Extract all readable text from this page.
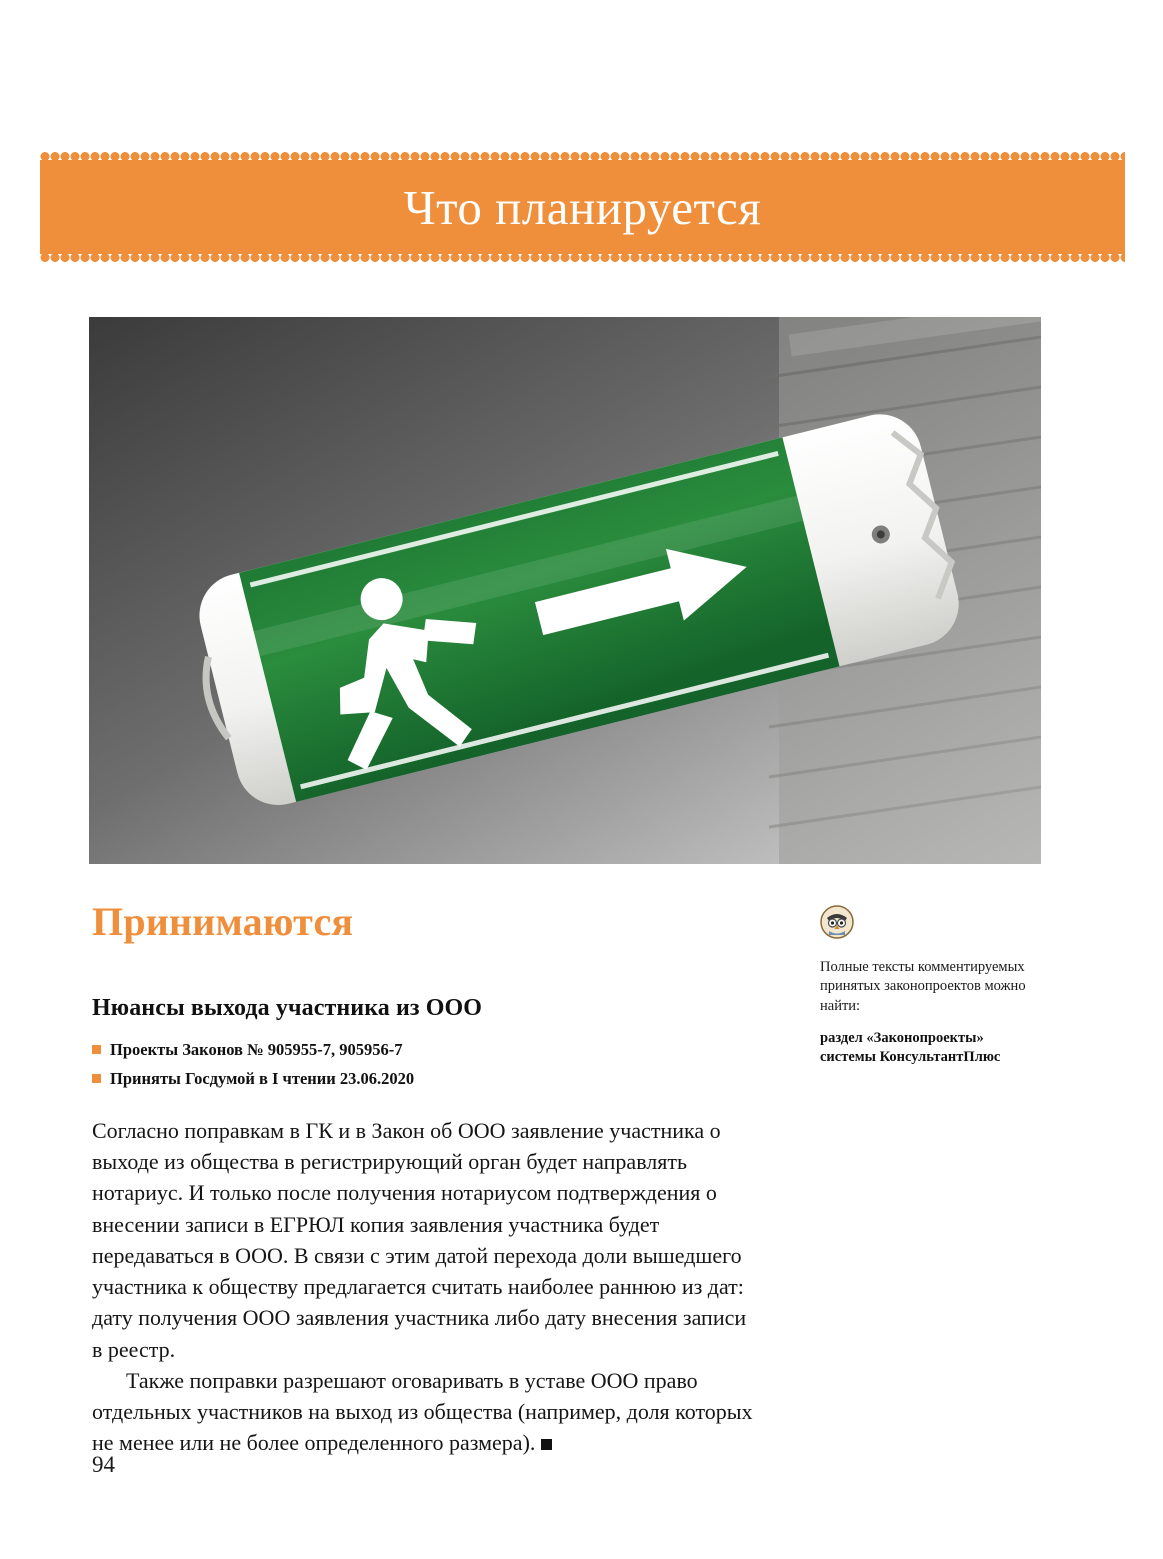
Что планируется
Принимаются
Нюансы выхода участника из ООО
Проекты Законов № 905955-7, 905956-7
Приняты Госдумой в I чтении 23.06.2020

Согласно поправкам в ГК и в Закон об ООО заявление участника о выходе из общества в регистрирующий орган будет направлять нотариус. И только после получения нотариусом подтверждения о внесении записи в ЕГРЮЛ копия заявления участника будет передаваться в ООО. В связи с этим датой перехода доли вышедшего участника к обществу предлагается считать наиболее раннюю из дат: дату получения ООО заявления участника либо дату внесения записи в реестр.

Также поправки разрешают оговаривать в уставе ООО право отдельных участников на выход из общества (например, доля которых не менее или не более определенного размера).

Полные тексты комментируемых принятых законопроектов можно найти:
раздел «Законопроекты»
системы КонсультантПлюс
94
